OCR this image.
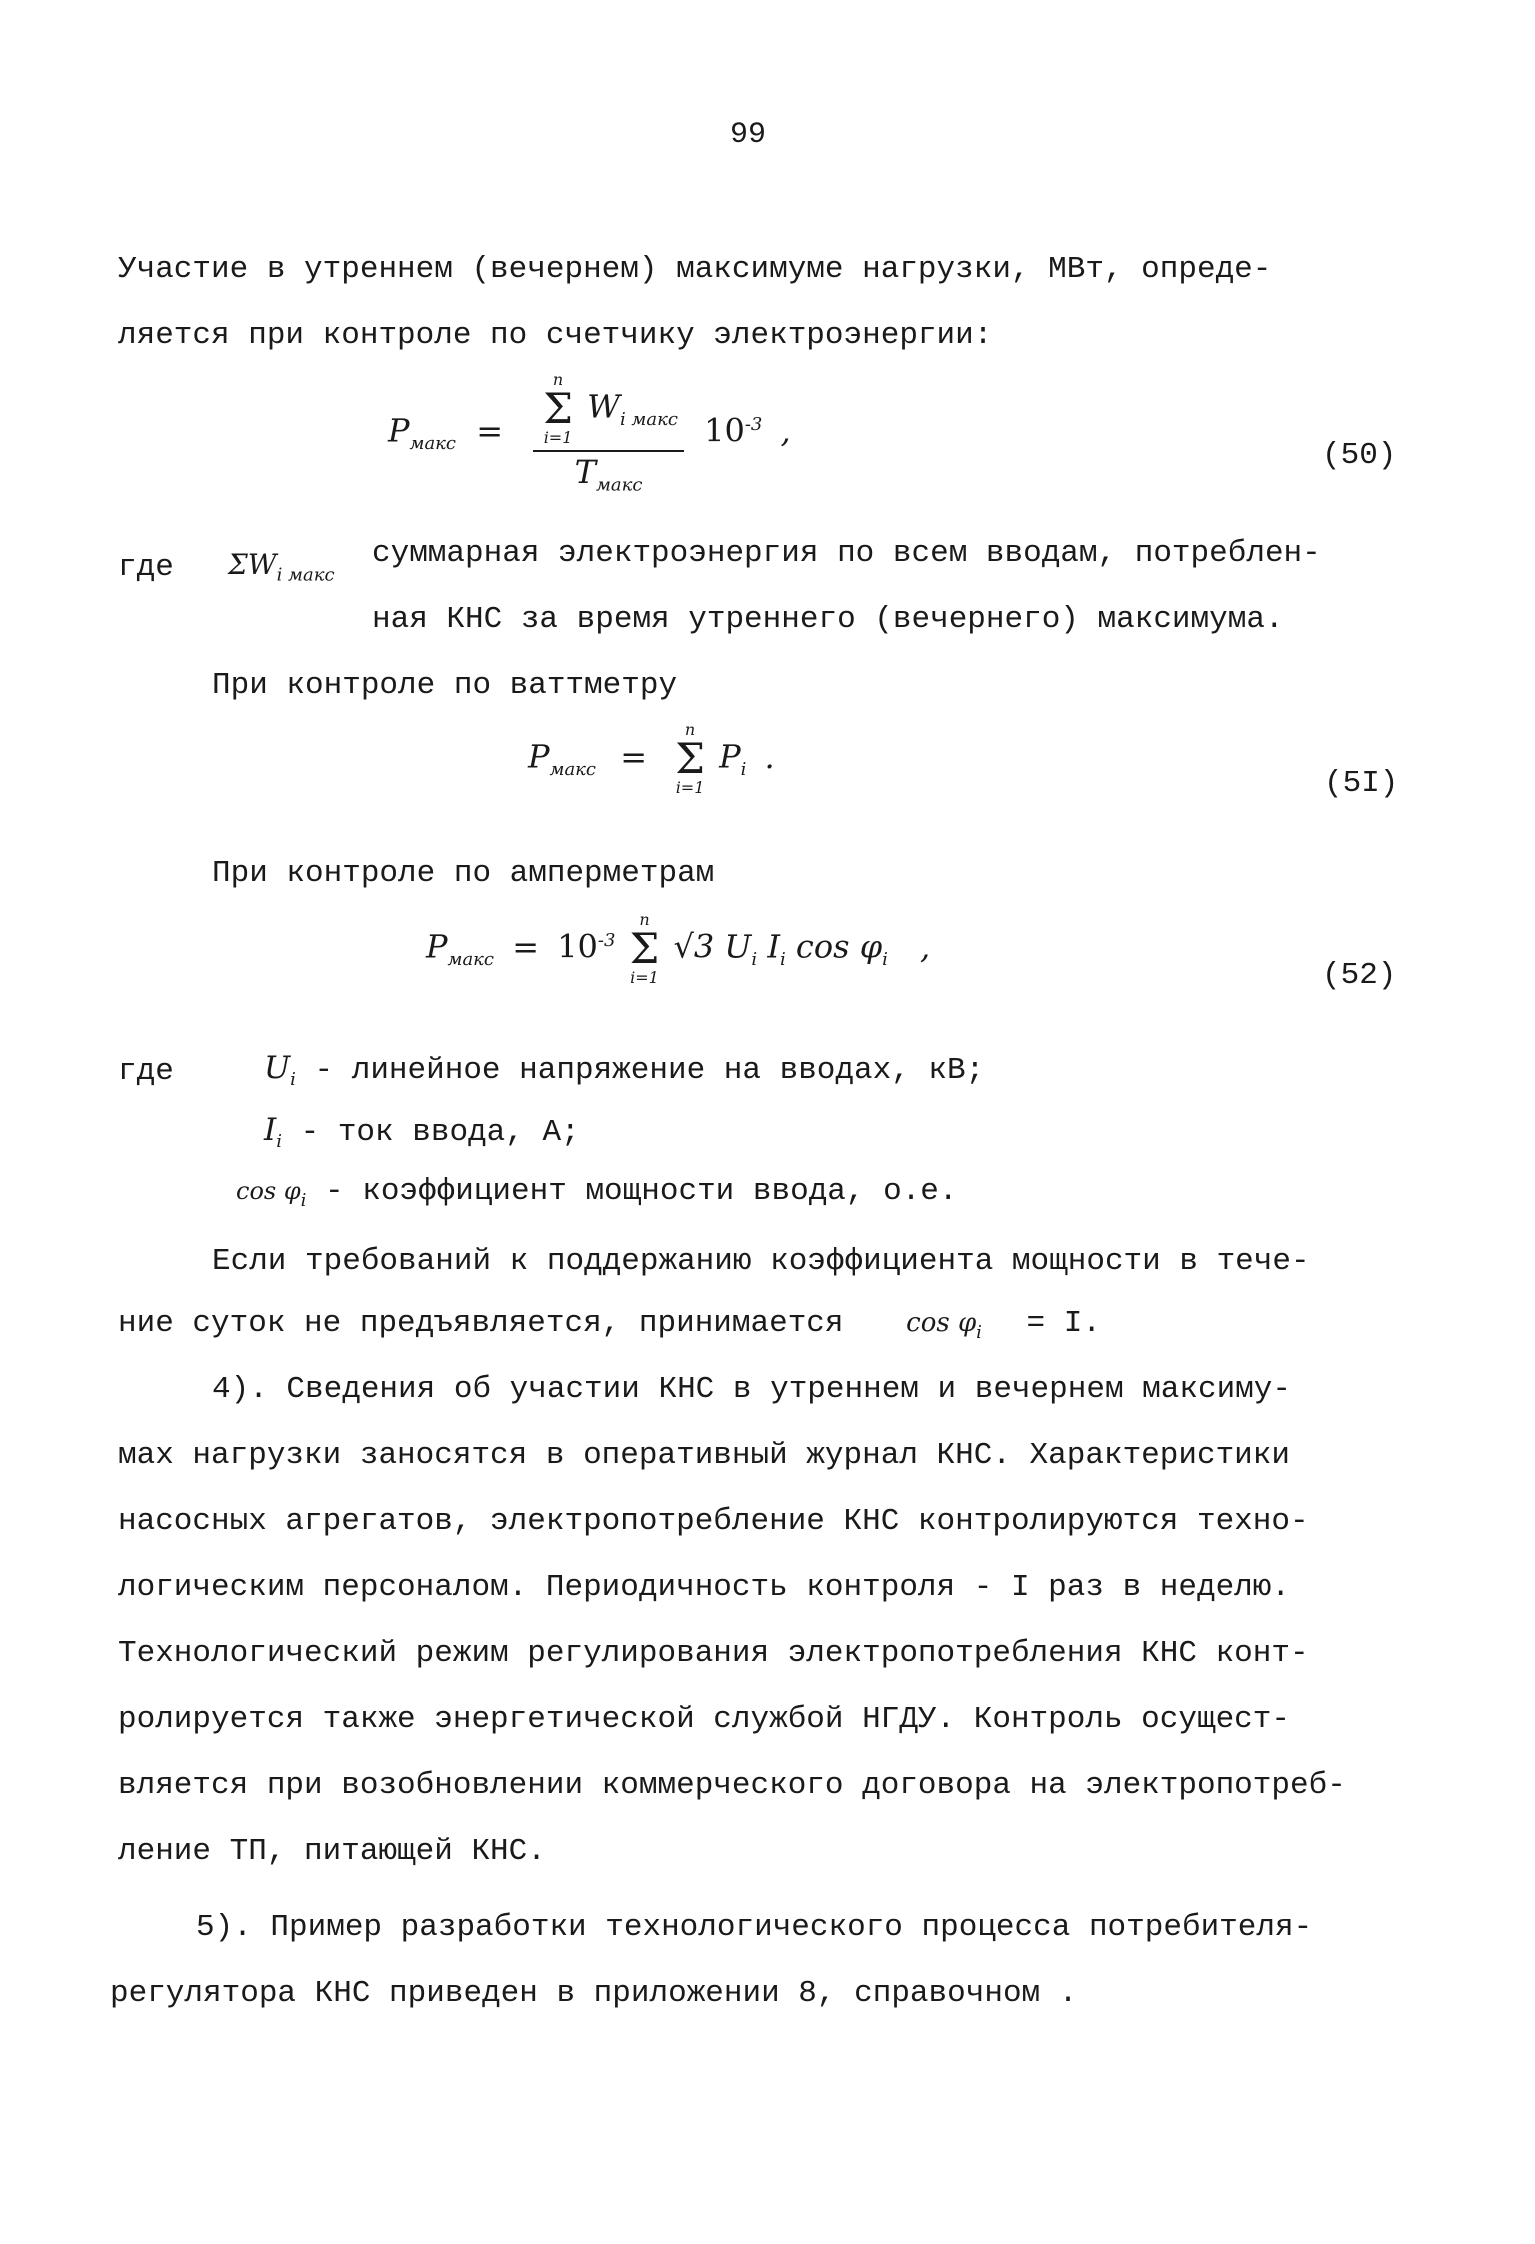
99
Участие в утреннем (вечернем) максимуме нагрузки, МВт, опреде-
ляется при контроле по счетчику электроэнергии:
$P_{макс} = n$
Σ
i=1
$W_{i макс}$
$T_{макс}$ $10^{-3}$ ,
(50)
где $\Sigma W_{i макс}$
суммарная электроэнергия по всем вводам, потреблен-
ная КНС за время утреннего (вечернего) максимума.
При контроле по ваттметру
$P_{макс}$ =
n
Σ
i=1
$P_i$ .
(5I)
При контроле по амперметрам
$P_{макс} = 10^{-3}$
n
Σ
i=1
√3 $U_i$ $I_i$ $\cos \varphi_i$ ,
(52)
где	$U_i$ - линейное напряжение на вводах, кВ;
$I_i$ - ток ввода, А;
$\cos \varphi_i$ - коэффициент мощности ввода, о.е.
Если требований к поддержанию коэффициента мощности в тече-
ние суток не предъявляется, принимается $\cos \varphi_i = I$.
4). Сведения об участии КНС в утреннем и вечернем максиму-
мах нагрузки заносятся в оперативный журнал КНС. Характеристики
насосных агрегатов, электропотребление КНС контролируются техно-
логическим персоналом. Периодичность контроля - I раз в неделю.
Технологический режим регулирования электропотребления КНС конт-
ролируется также энергетической службой НГДУ. Контроль осущест-
вляется при возобновлении коммерческого договора на электропотреб-
ление ТП, питающей КНС.
5). Пример разработки технологического процесса потребителя-
регулятора КНС приведен в приложении 8, справочном .
